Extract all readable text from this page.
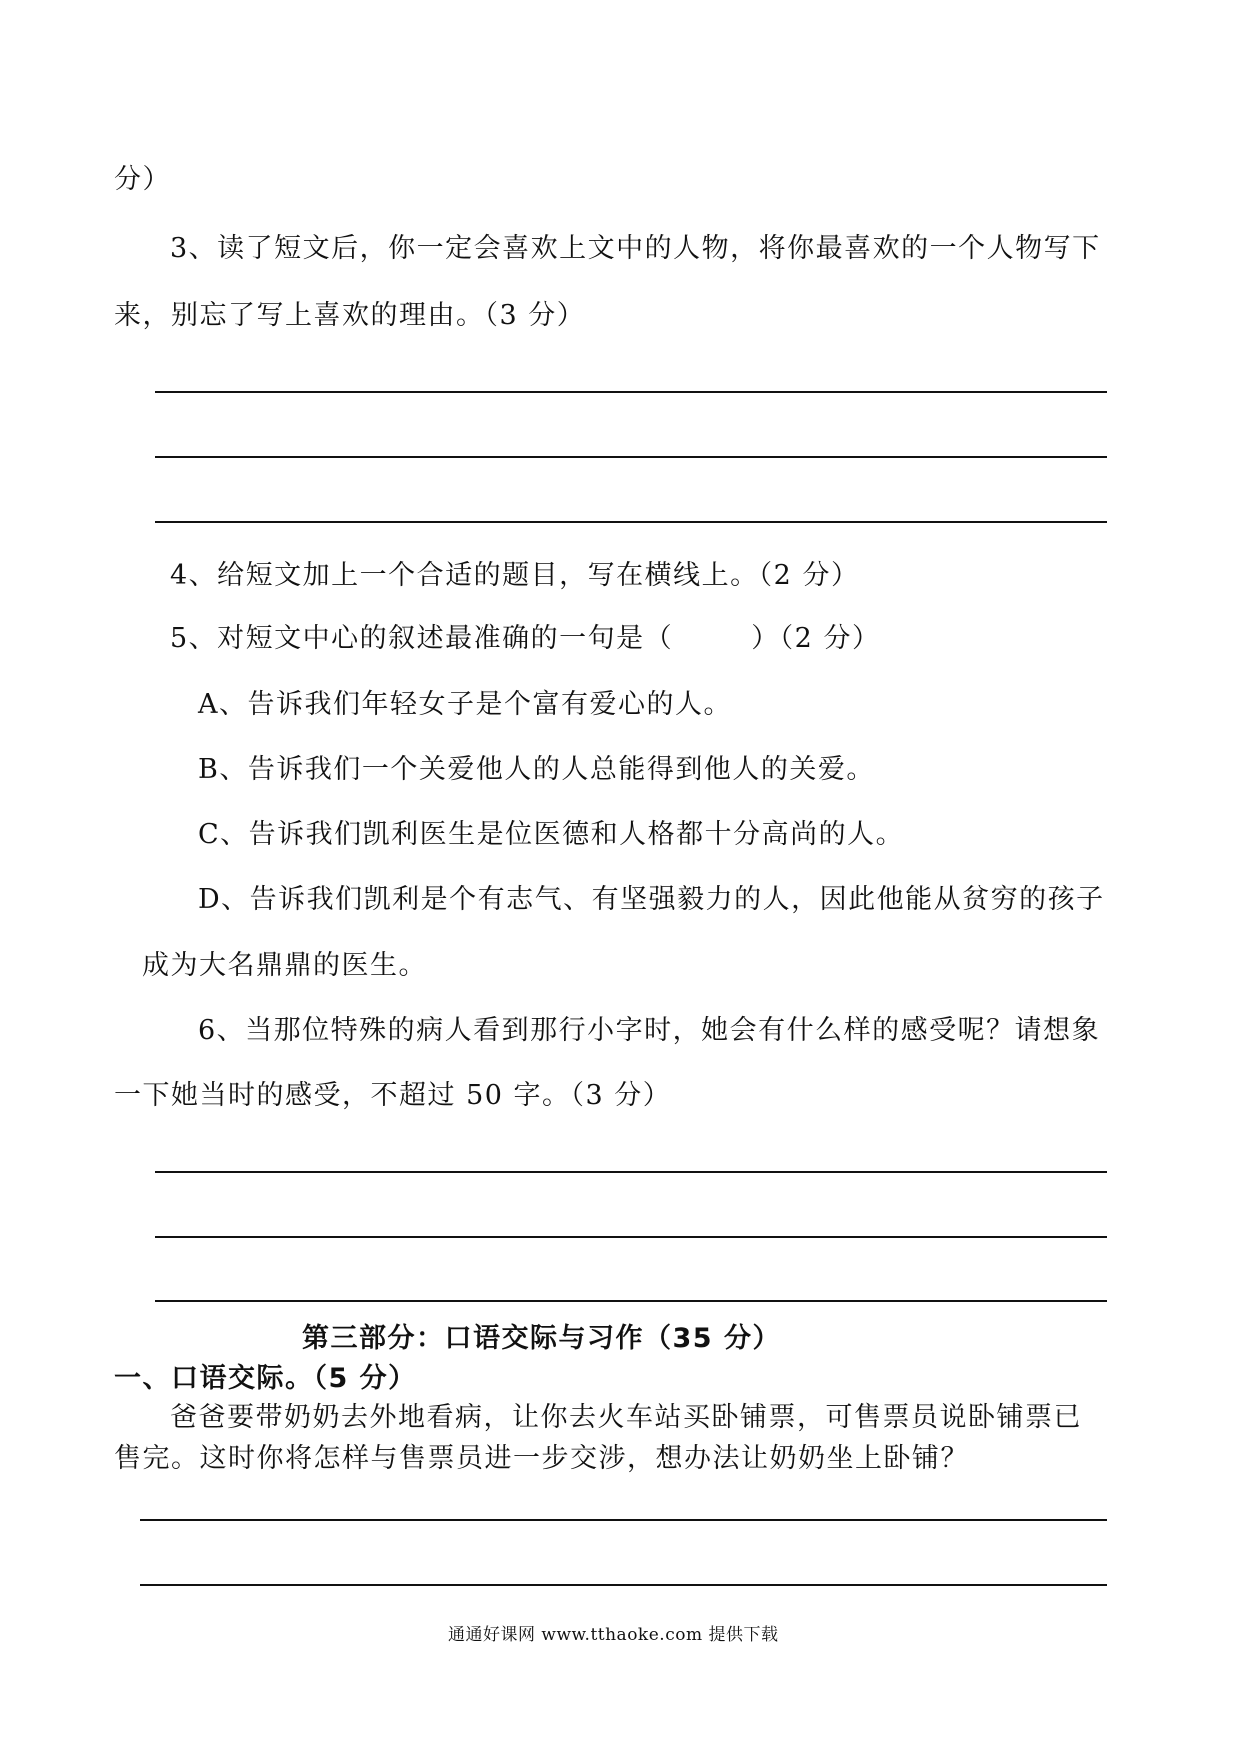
分）
3、读了短文后，你一定会喜欢上文中的人物，将你最喜欢的一个人物写下
来，别忘了写上喜欢的理由。（3 分）
4、给短文加上一个合适的题目，写在横线上。（2 分）
5、对短文中心的叙述最准确的一句是（	）（2 分）
A、告诉我们年轻女子是个富有爱心的人。
B、告诉我们一个关爱他人的人总能得到他人的关爱。
C、告诉我们凯利医生是位医德和人格都十分高尚的人。
D、告诉我们凯利是个有志气、有坚强毅力的人，因此他能从贫穷的孩子
成为大名鼎鼎的医生。
6、当那位特殊的病人看到那行小字时，她会有什么样的感受呢？请想象
一下她当时的感受，不超过 50 字。（3 分）
第三部分：口语交际与习作（35 分）
一、口语交际。（5 分）
爸爸要带奶奶去外地看病，让你去火车站买卧铺票，可售票员说卧铺票已
售完。这时你将怎样与售票员进一步交涉，想办法让奶奶坐上卧铺？
通通好课网 www.tthaoke.com 提供下载
